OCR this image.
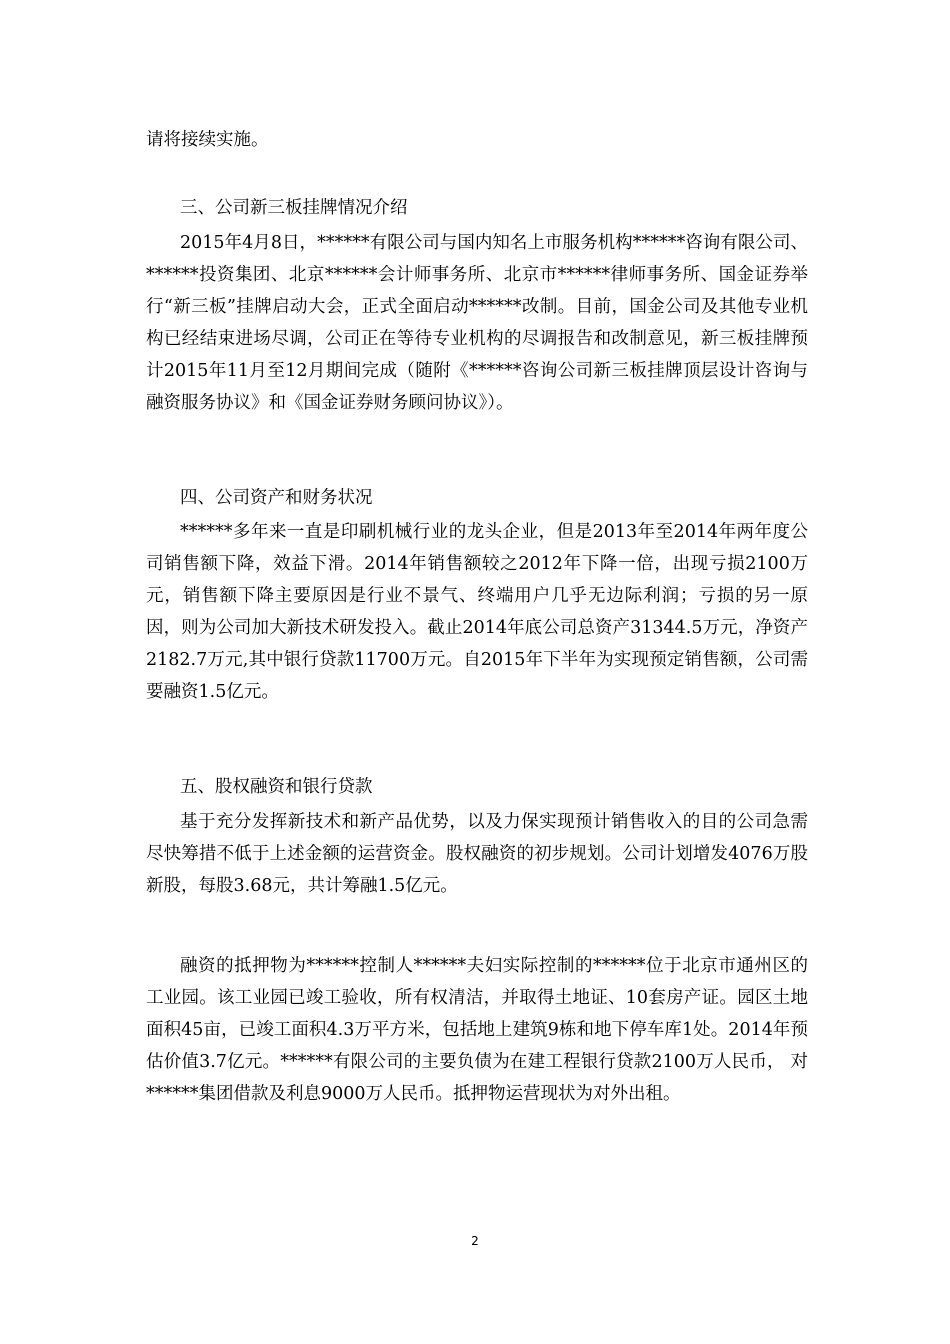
请将接续实施。

三、公司新三板挂牌情况介绍

2015年4月8日，******有限公司与国内知名上市服务机构******咨询有限公司、******投资集团、北京******会计师事务所、北京市******律师事务所、国金证券举行“新三板”挂牌启动大会，正式全面启动******改制。目前，国金公司及其他专业机构已经结束进场尽调，公司正在等待专业机构的尽调报告和改制意见，新三板挂牌预计2015年11月至12月期间完成（随附《******咨询公司新三板挂牌顶层设计咨询与融资服务协议》和《国金证券财务顾问协议》）。

四、公司资产和财务状况

******多年来一直是印刷机械行业的龙头企业，但是2013年至2014年两年度公司销售额下降，效益下滑。2014年销售额较之2012年下降一倍，出现亏损2100万元，销售额下降主要原因是行业不景气、终端用户几乎无边际利润；亏损的另一原因，则为公司加大新技术研发投入。截止2014年底公司总资产31344.5万元，净资产2182.7万元,其中银行贷款11700万元。自2015年下半年为实现预定销售额，公司需要融资1.5亿元。

五、股权融资和银行贷款

基于充分发挥新技术和新产品优势，以及力保实现预计销售收入的目的公司急需尽快筹措不低于上述金额的运营资金。股权融资的初步规划。公司计划增发4076万股新股，每股3.68元，共计筹融1.5亿元。

融资的抵押物为******控制人******夫妇实际控制的******位于北京市通州区的工业园。该工业园已竣工验收，所有权清洁，并取得土地证、10套房产证。园区土地面积45亩，已竣工面积4.3万平方米，包括地上建筑9栋和地下停车库1处。2014年预估价值3.7亿元。******有限公司的主要负债为在建工程银行贷款2100万人民币， 对******集团借款及利息9000万人民币。抵押物运营现状为对外出租。

2
